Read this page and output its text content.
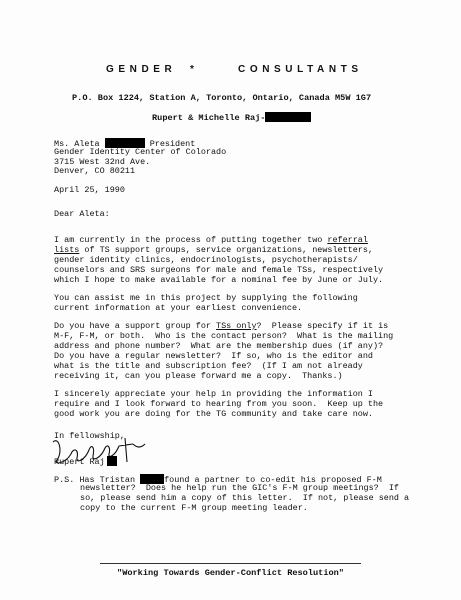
GENDER *	CONSULTANTS
P.O. Box 1224, Station A, Toronto, Ontario, Canada M5W 1G7
Rupert & Michelle Raj-
Ms. Aleta	President
Gender Identity Center of Colorado
3715 West 32nd Ave.
Denver, CO 80211
April 25, 1990
Dear Aleta:
I am currently in the process of putting together two referral
lists of TS support groups, service organizations, newsletters,
gender identity clinics, endocrinologists, psychotherapists/
counselors and SRS surgeons for male and female TSs, respectively
which I hope to make available for a nominal fee by June or July.
You can assist me in this project by supplying the following
current information at your earliest convenience.
Do you have a support group for TSs only?  Please specify if it is
M-F, F-M, or both.  Who is the contact person?  What is the mailing
address and phone number?  What are the membership dues (if any)?
Do you have a regular newsletter?  If so, who is the editor and
what is the title and subscription fee?  (If I am not already
receiving it, can you please forward me a copy.  Thanks.)
I sincerely appreciate your help in providing the information I
require and I look forward to hearing from you soon.  Keep up the
good work you are doing for the TG community and take care now.
In fellowship,
Rupert Raj
P.S. Has Tristan	found a partner to co-edit his proposed F-M
newsletter?  Does he help run the GIC's F-M group meetings?  If
so, please send him a copy of this letter.  If not, please send a
copy to the current F-M group meeting leader.
"Working Towards Gender-Conflict Resolution"
